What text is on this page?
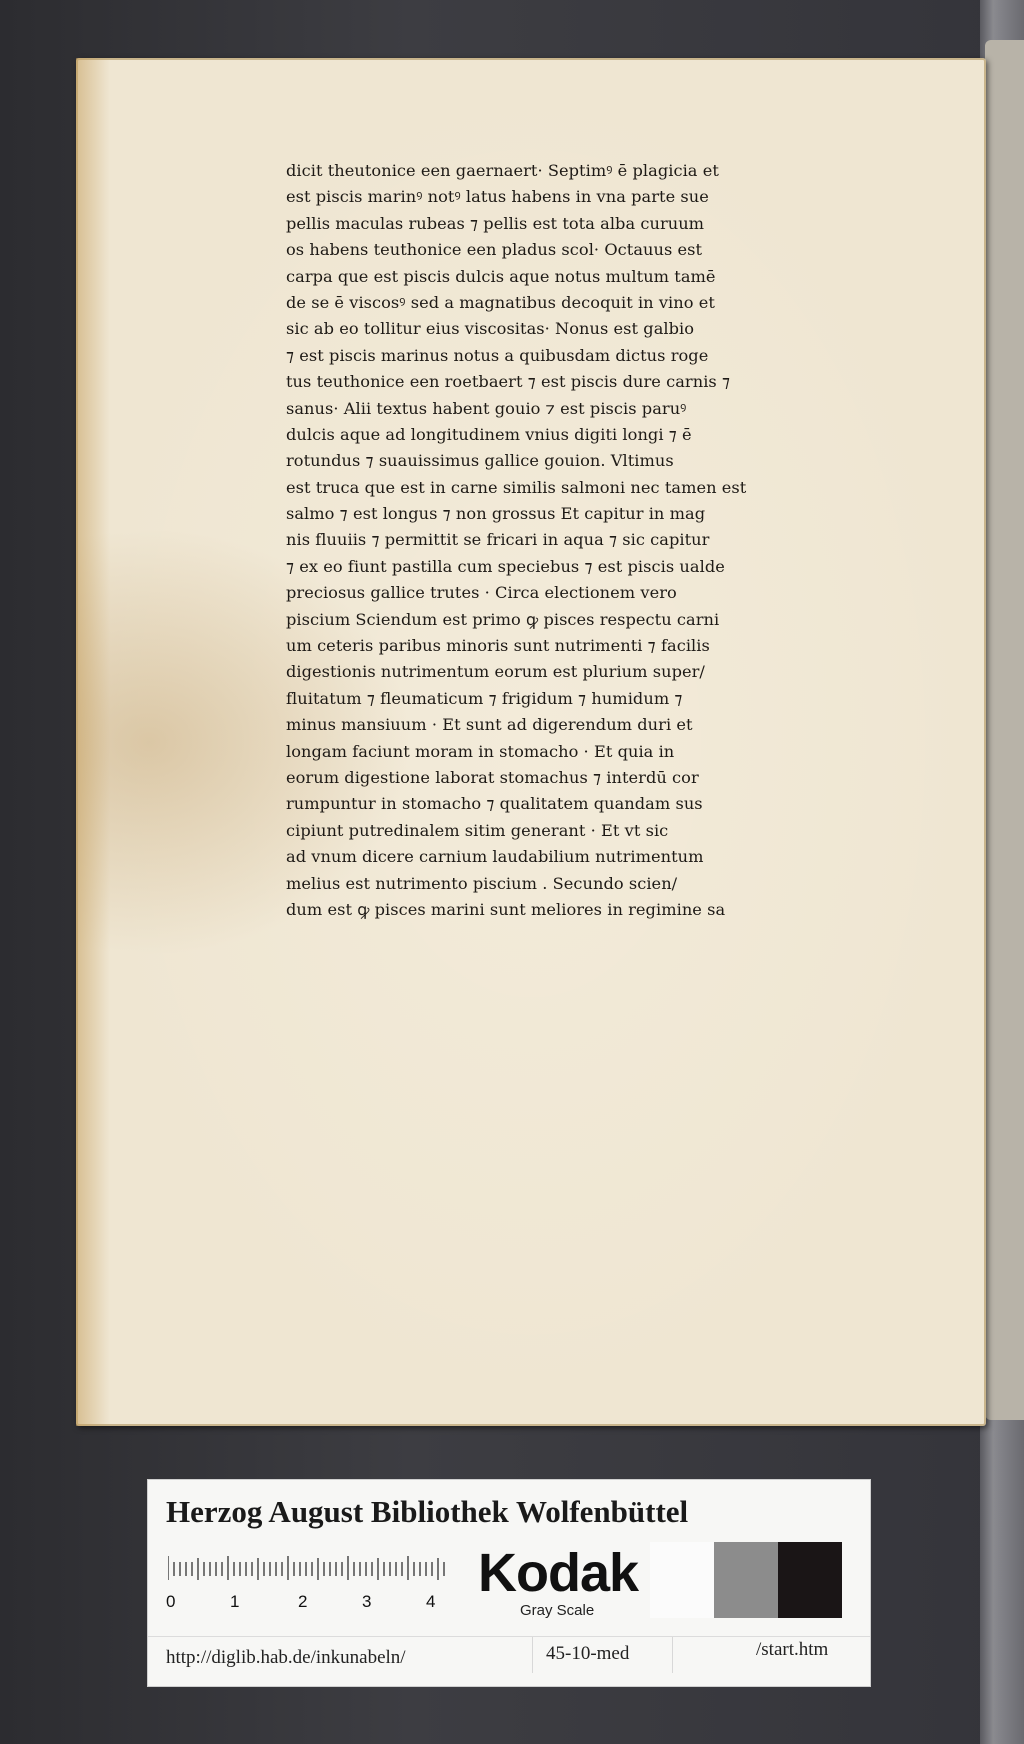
dicit theutonice een gaernaert· Septimꝰ ē plagicia et
est piscis marinꝰ notꝰ latus habens in vna parte sue
pellis maculas rubeas ⁊ pellis est tota alba curuum
os habens teuthonice een pladus scol· Octauus est
carpa que est piscis dulcis aque notus multum tamē
de se ē viscosꝰ sed a magnatibus decoquit in vino et
sic ab eo tollitur eius viscositas· Nonus est galbio
⁊ est piscis marinus notus a quibusdam dictus roge
tus teuthonice een roetbaert ⁊ est piscis dure carnis ⁊
sanus· Alii textus habent gouio ⁊ est piscis paruꝰ
dulcis aque ad longitudinem vnius digiti longi ⁊ ē
rotundus ⁊ suauissimus gallice gouion. Vltimus
est truca que est in carne similis salmoni nec tamen est
salmo ⁊ est longus ⁊ non grossus Et capitur in mag
nis fluuiis ⁊ permittit se fricari in aqua ⁊ sic capitur
⁊ ex eo fiunt pastilla cum speciebus ⁊ est piscis ualde
preciosus gallice trutes · Circa electionem vero
piscium Sciendum est primo ꝙ pisces respectu carni
um ceteris paribus minoris sunt nutrimenti ⁊ facilis
digestionis nutrimentum eorum est plurium super/
fluitatum ⁊ fleumaticum ⁊ frigidum ⁊ humidum ⁊
minus mansiuum · Et sunt ad digerendum duri et
longam faciunt moram in stomacho · Et quia in
eorum digestione laborat stomachus ⁊ interdū cor
rumpuntur in stomacho ⁊ qualitatem quandam sus
cipiunt putredinalem sitim generant · Et vt sic
ad vnum dicere carnium laudabilium nutrimentum
melius est nutrimento piscium . Secundo scien/
dum est ꝙ pisces marini sunt meliores in regimine sa
Herzog August Bibliothek Wolfenbüttel
0	1	2	3	4 Kodak
Gray Scale
http://diglib.hab.de/inkunabeln/	45-10-med	/start.htm
